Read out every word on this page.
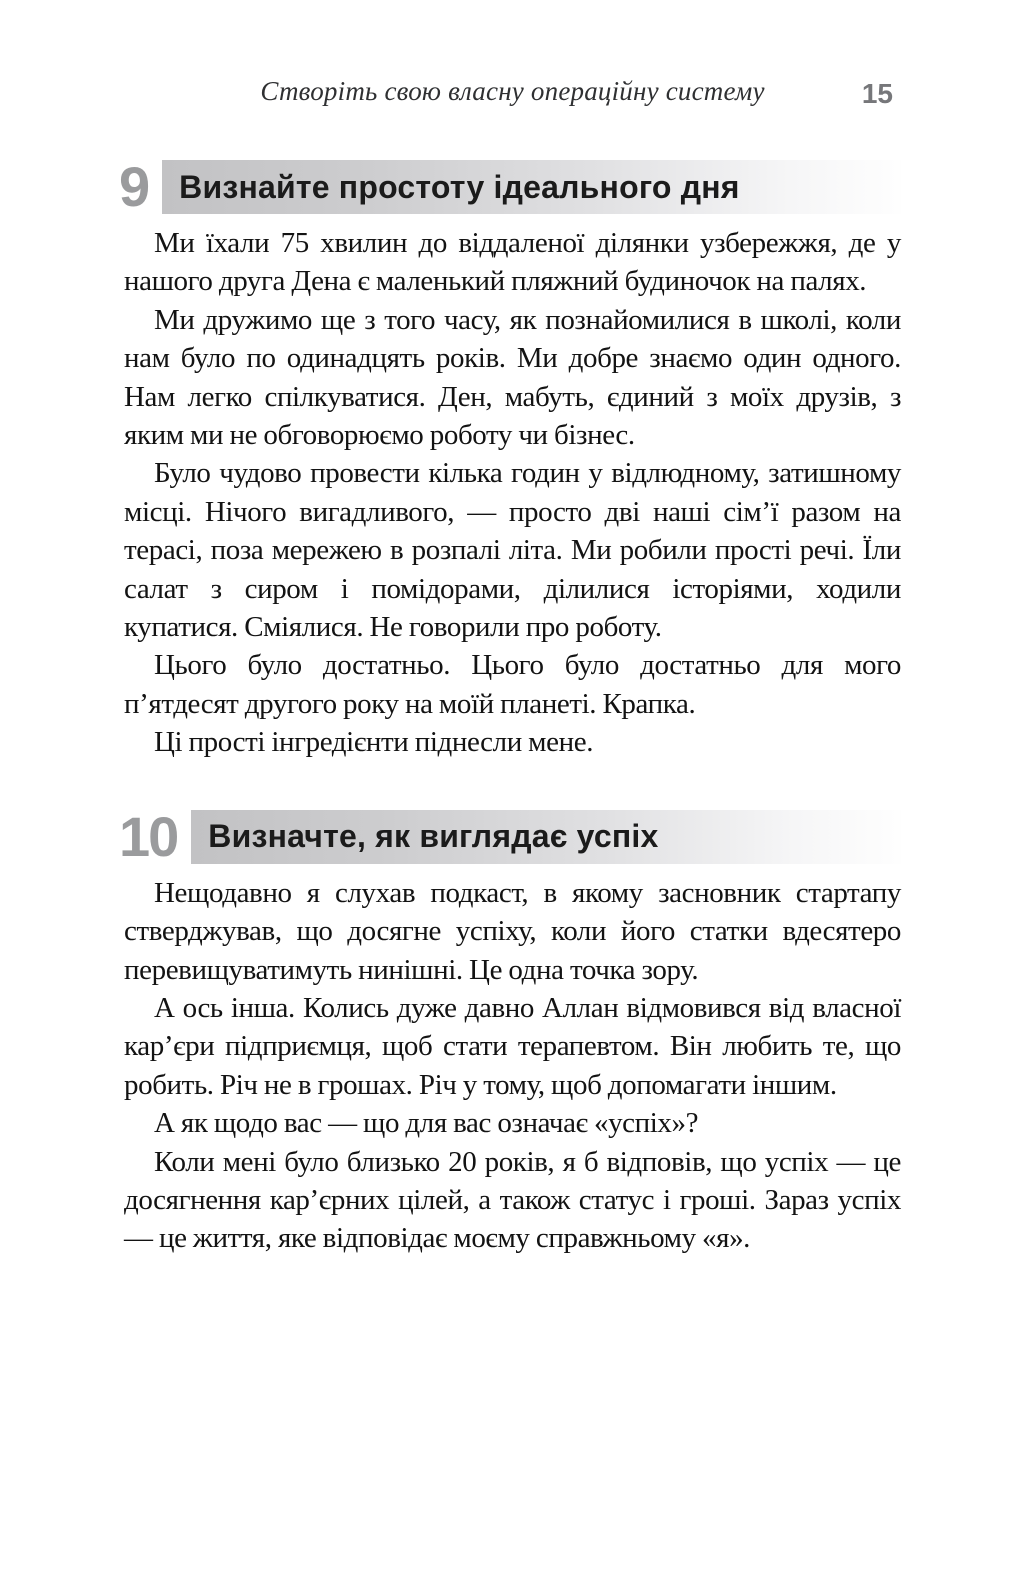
Створіть свою власну операційну систему	15
9 Визнайте простоту ідеального дня

Ми їхали 75 хвилин до віддаленої ділянки узбережжя, де у нашого друга Дена є маленький пляжний будиночок на палях.

Ми дружимо ще з того часу, як познайомилися в школі, коли нам було по одинадцять років. Ми добре знаємо один одного. Нам легко спілкуватися. Ден, мабуть, єдиний з моїх друзів, з яким ми не обговорюємо роботу чи бізнес.

Було чудово провести кілька годин у відлюдному, затишному місці. Нічого вигадливого, — просто дві наші сім’ї разом на терасі, поза мережею в розпалі літа. Ми робили прості речі. Їли салат з сиром і помідорами, ділилися історіями, ходили купатися. Сміялися. Не говорили про роботу.

Цього було достатньо. Цього було достатньо для мого п’ятдесят другого року на моїй планеті. Крапка.

Ці прості інгредієнти піднесли мене.

10 Визначте, як виглядає успіх

Нещодавно я слухав подкаст, в якому засновник стартапу стверджував, що досягне успіху, коли його статки вдесятеро перевищуватимуть нинішні. Це одна точка зору.

А ось інша. Колись дуже давно Аллан відмовився від власної кар’єри підприємця, щоб стати терапевтом. Він любить те, що робить. Річ не в грошах. Річ у тому, щоб допомагати іншим.

А як щодо вас — що для вас означає «успіх»?

Коли мені було близько 20 років, я б відповів, що успіх — це досягнення кар’єрних цілей, а також статус і гроші. Зараз успіх — це життя, яке відповідає моєму справжньому «я».
